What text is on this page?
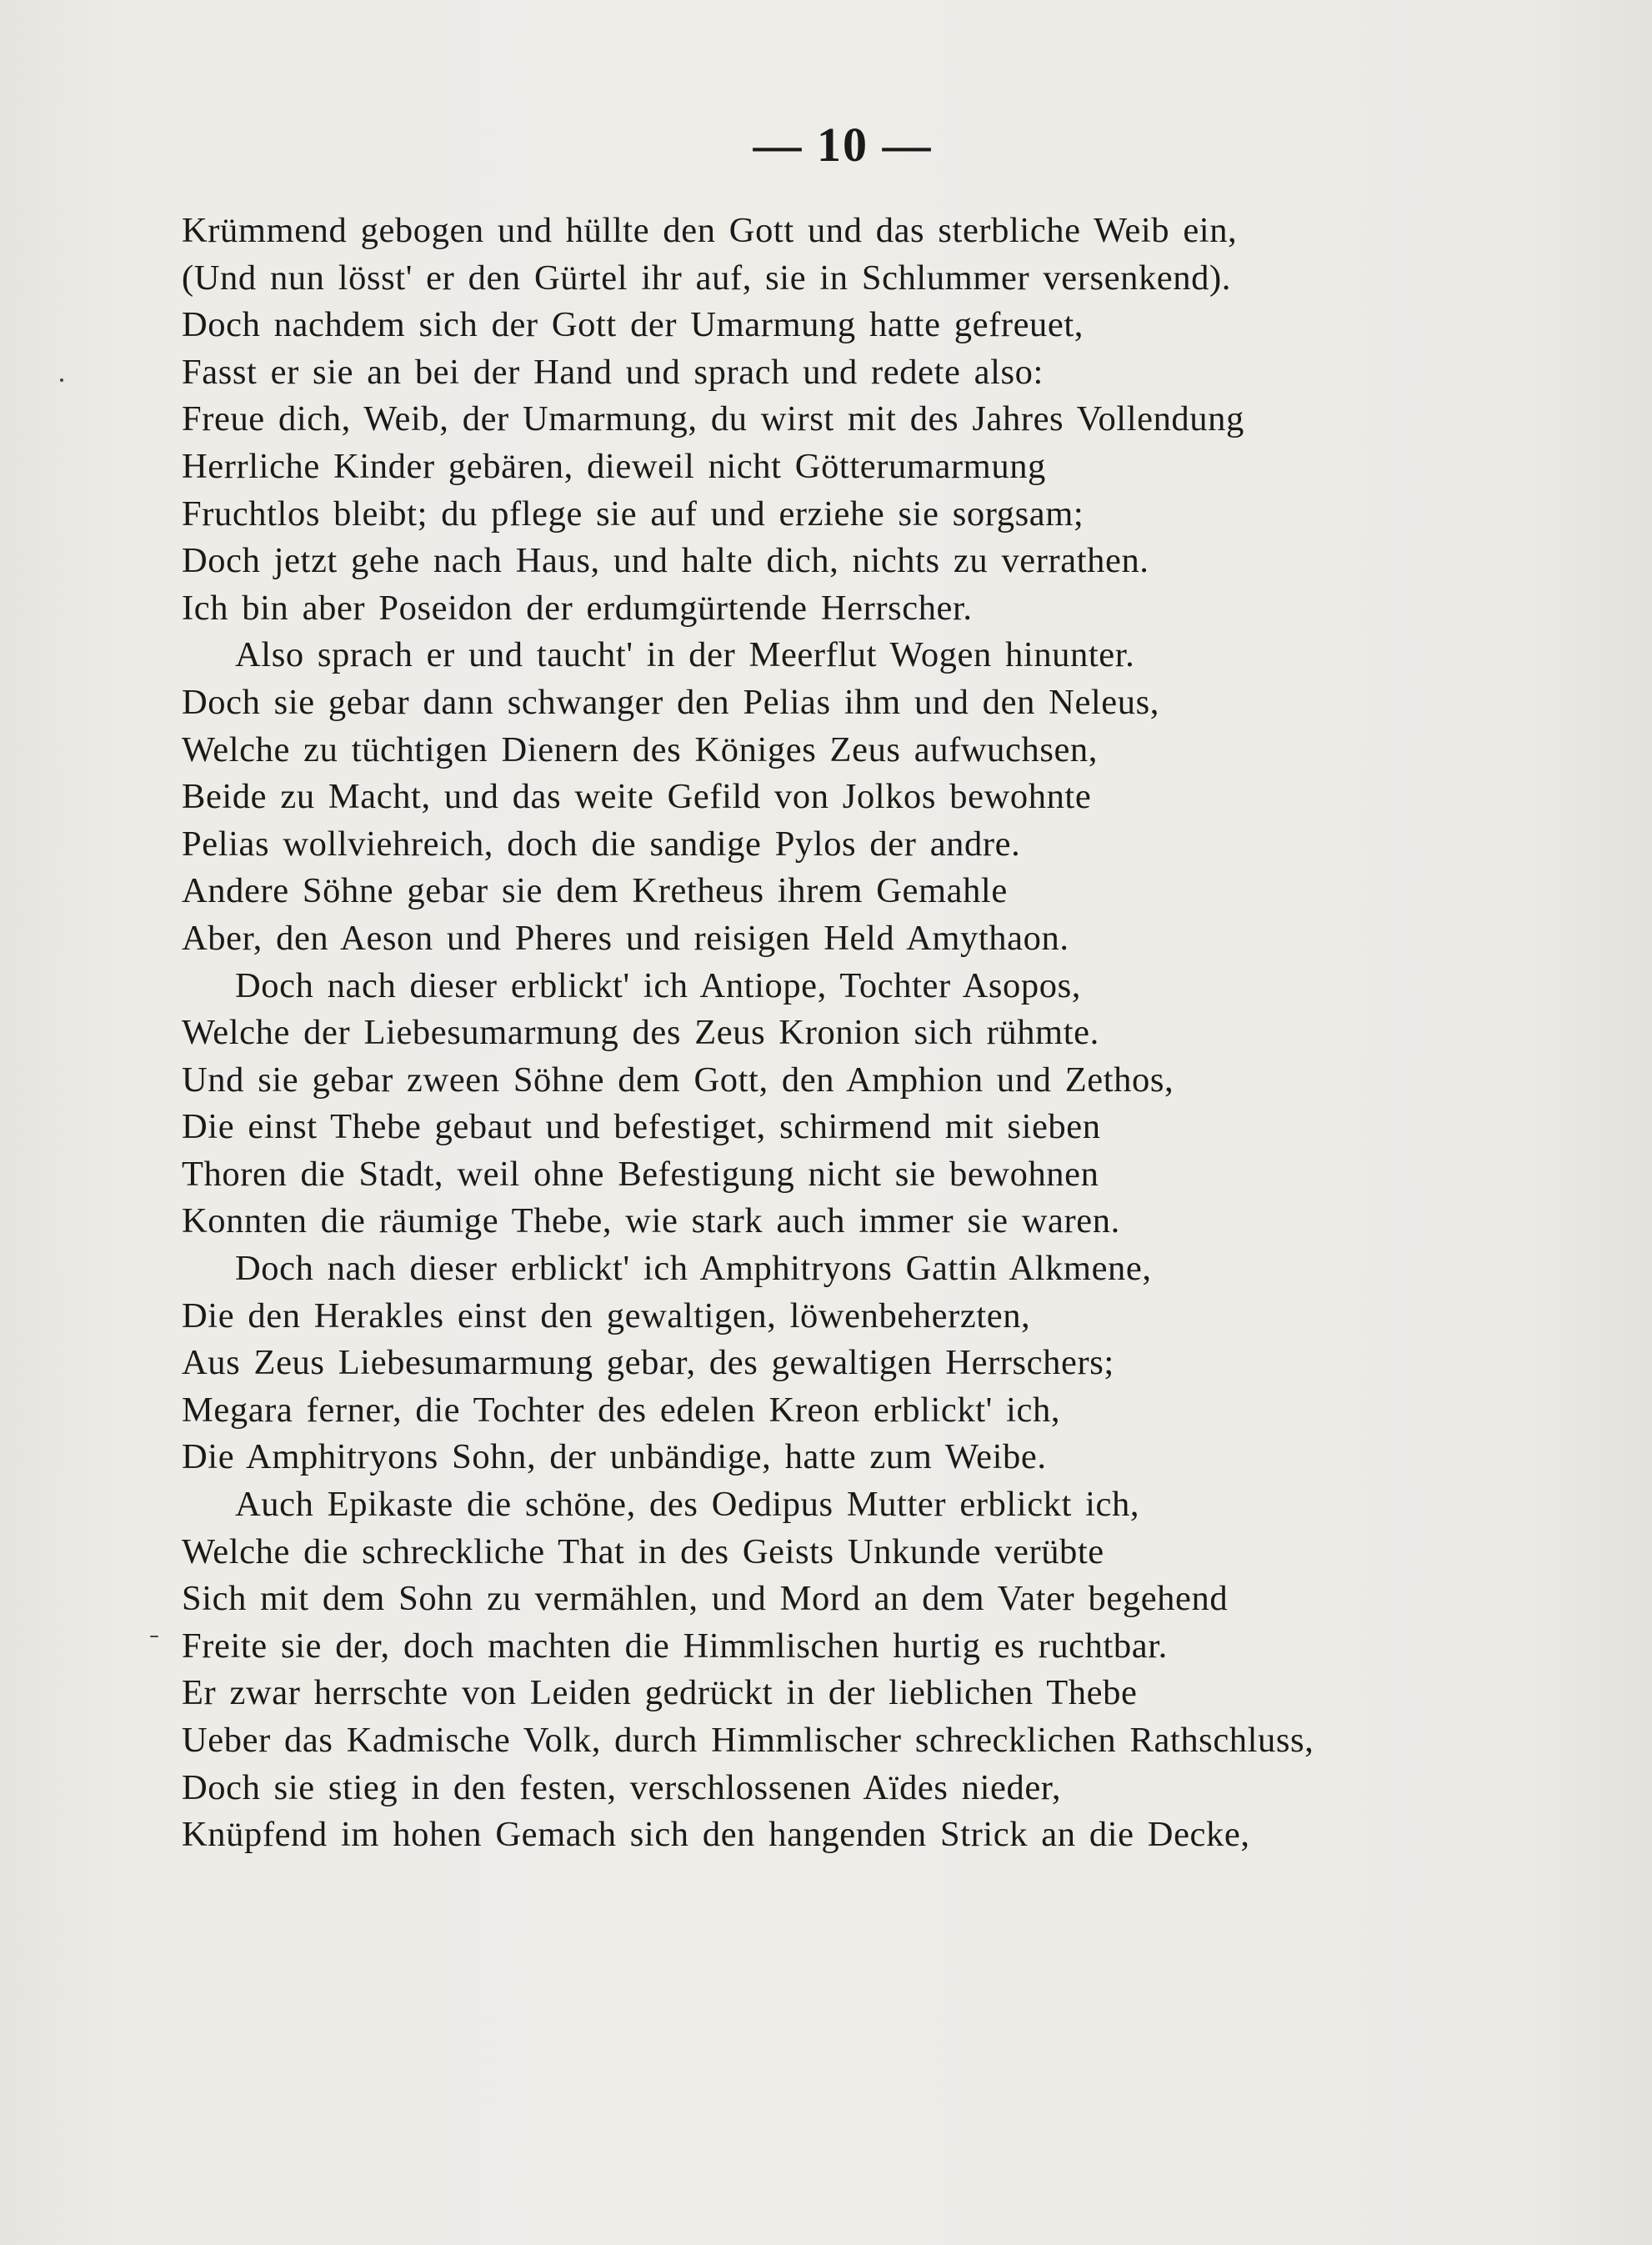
— 10 —
Krümmend gebogen und hüllte den Gott und das sterbliche Weib ein,
(Und nun lösst' er den Gürtel ihr auf, sie in Schlummer versenkend).
Doch nachdem sich der Gott der Umarmung hatte gefreuet,
Fasst er sie an bei der Hand und sprach und redete also:
Freue dich, Weib, der Umarmung, du wirst mit des Jahres Vollendung
Herrliche Kinder gebären, dieweil nicht Götterumarmung
Fruchtlos bleibt; du pflege sie auf und erziehe sie sorgsam;
Doch jetzt gehe nach Haus, und halte dich, nichts zu verrathen.
Ich bin aber Poseidon der erdumgürtende Herrscher.
Also sprach er und taucht' in der Meerflut Wogen hinunter.
Doch sie gebar dann schwanger den Pelias ihm und den Neleus,
Welche zu tüchtigen Dienern des Königes Zeus aufwuchsen,
Beide zu Macht, und das weite Gefild von Jolkos bewohnte
Pelias wollviehreich, doch die sandige Pylos der andre.
Andere Söhne gebar sie dem Kretheus ihrem Gemahle
Aber, den Aeson und Pheres und reisigen Held Amythaon.
Doch nach dieser erblickt' ich Antiope, Tochter Asopos,
Welche der Liebesumarmung des Zeus Kronion sich rühmte.
Und sie gebar zween Söhne dem Gott, den Amphion und Zethos,
Die einst Thebe gebaut und befestiget, schirmend mit sieben
Thoren die Stadt, weil ohne Befestigung nicht sie bewohnen
Konnten die räumige Thebe, wie stark auch immer sie waren.
Doch nach dieser erblickt' ich Amphitryons Gattin Alkmene,
Die den Herakles einst den gewaltigen, löwenbeherzten,
Aus Zeus Liebesumarmung gebar, des gewaltigen Herrschers;
Megara ferner, die Tochter des edelen Kreon erblickt' ich,
Die Amphitryons Sohn, der unbändige, hatte zum Weibe.
Auch Epikaste die schöne, des Oedipus Mutter erblickt ich,
Welche die schreckliche That in des Geists Unkunde verübte
Sich mit dem Sohn zu vermählen, und Mord an dem Vater begehend
Freite sie der, doch machten die Himmlischen hurtig es ruchtbar.
Er zwar herrschte von Leiden gedrückt in der lieblichen Thebe
Ueber das Kadmische Volk, durch Himmlischer schrecklichen Rathschluss,
Doch sie stieg in den festen, verschlossenen Aïdes nieder,
Knüpfend im hohen Gemach sich den hangenden Strick an die Decke,
